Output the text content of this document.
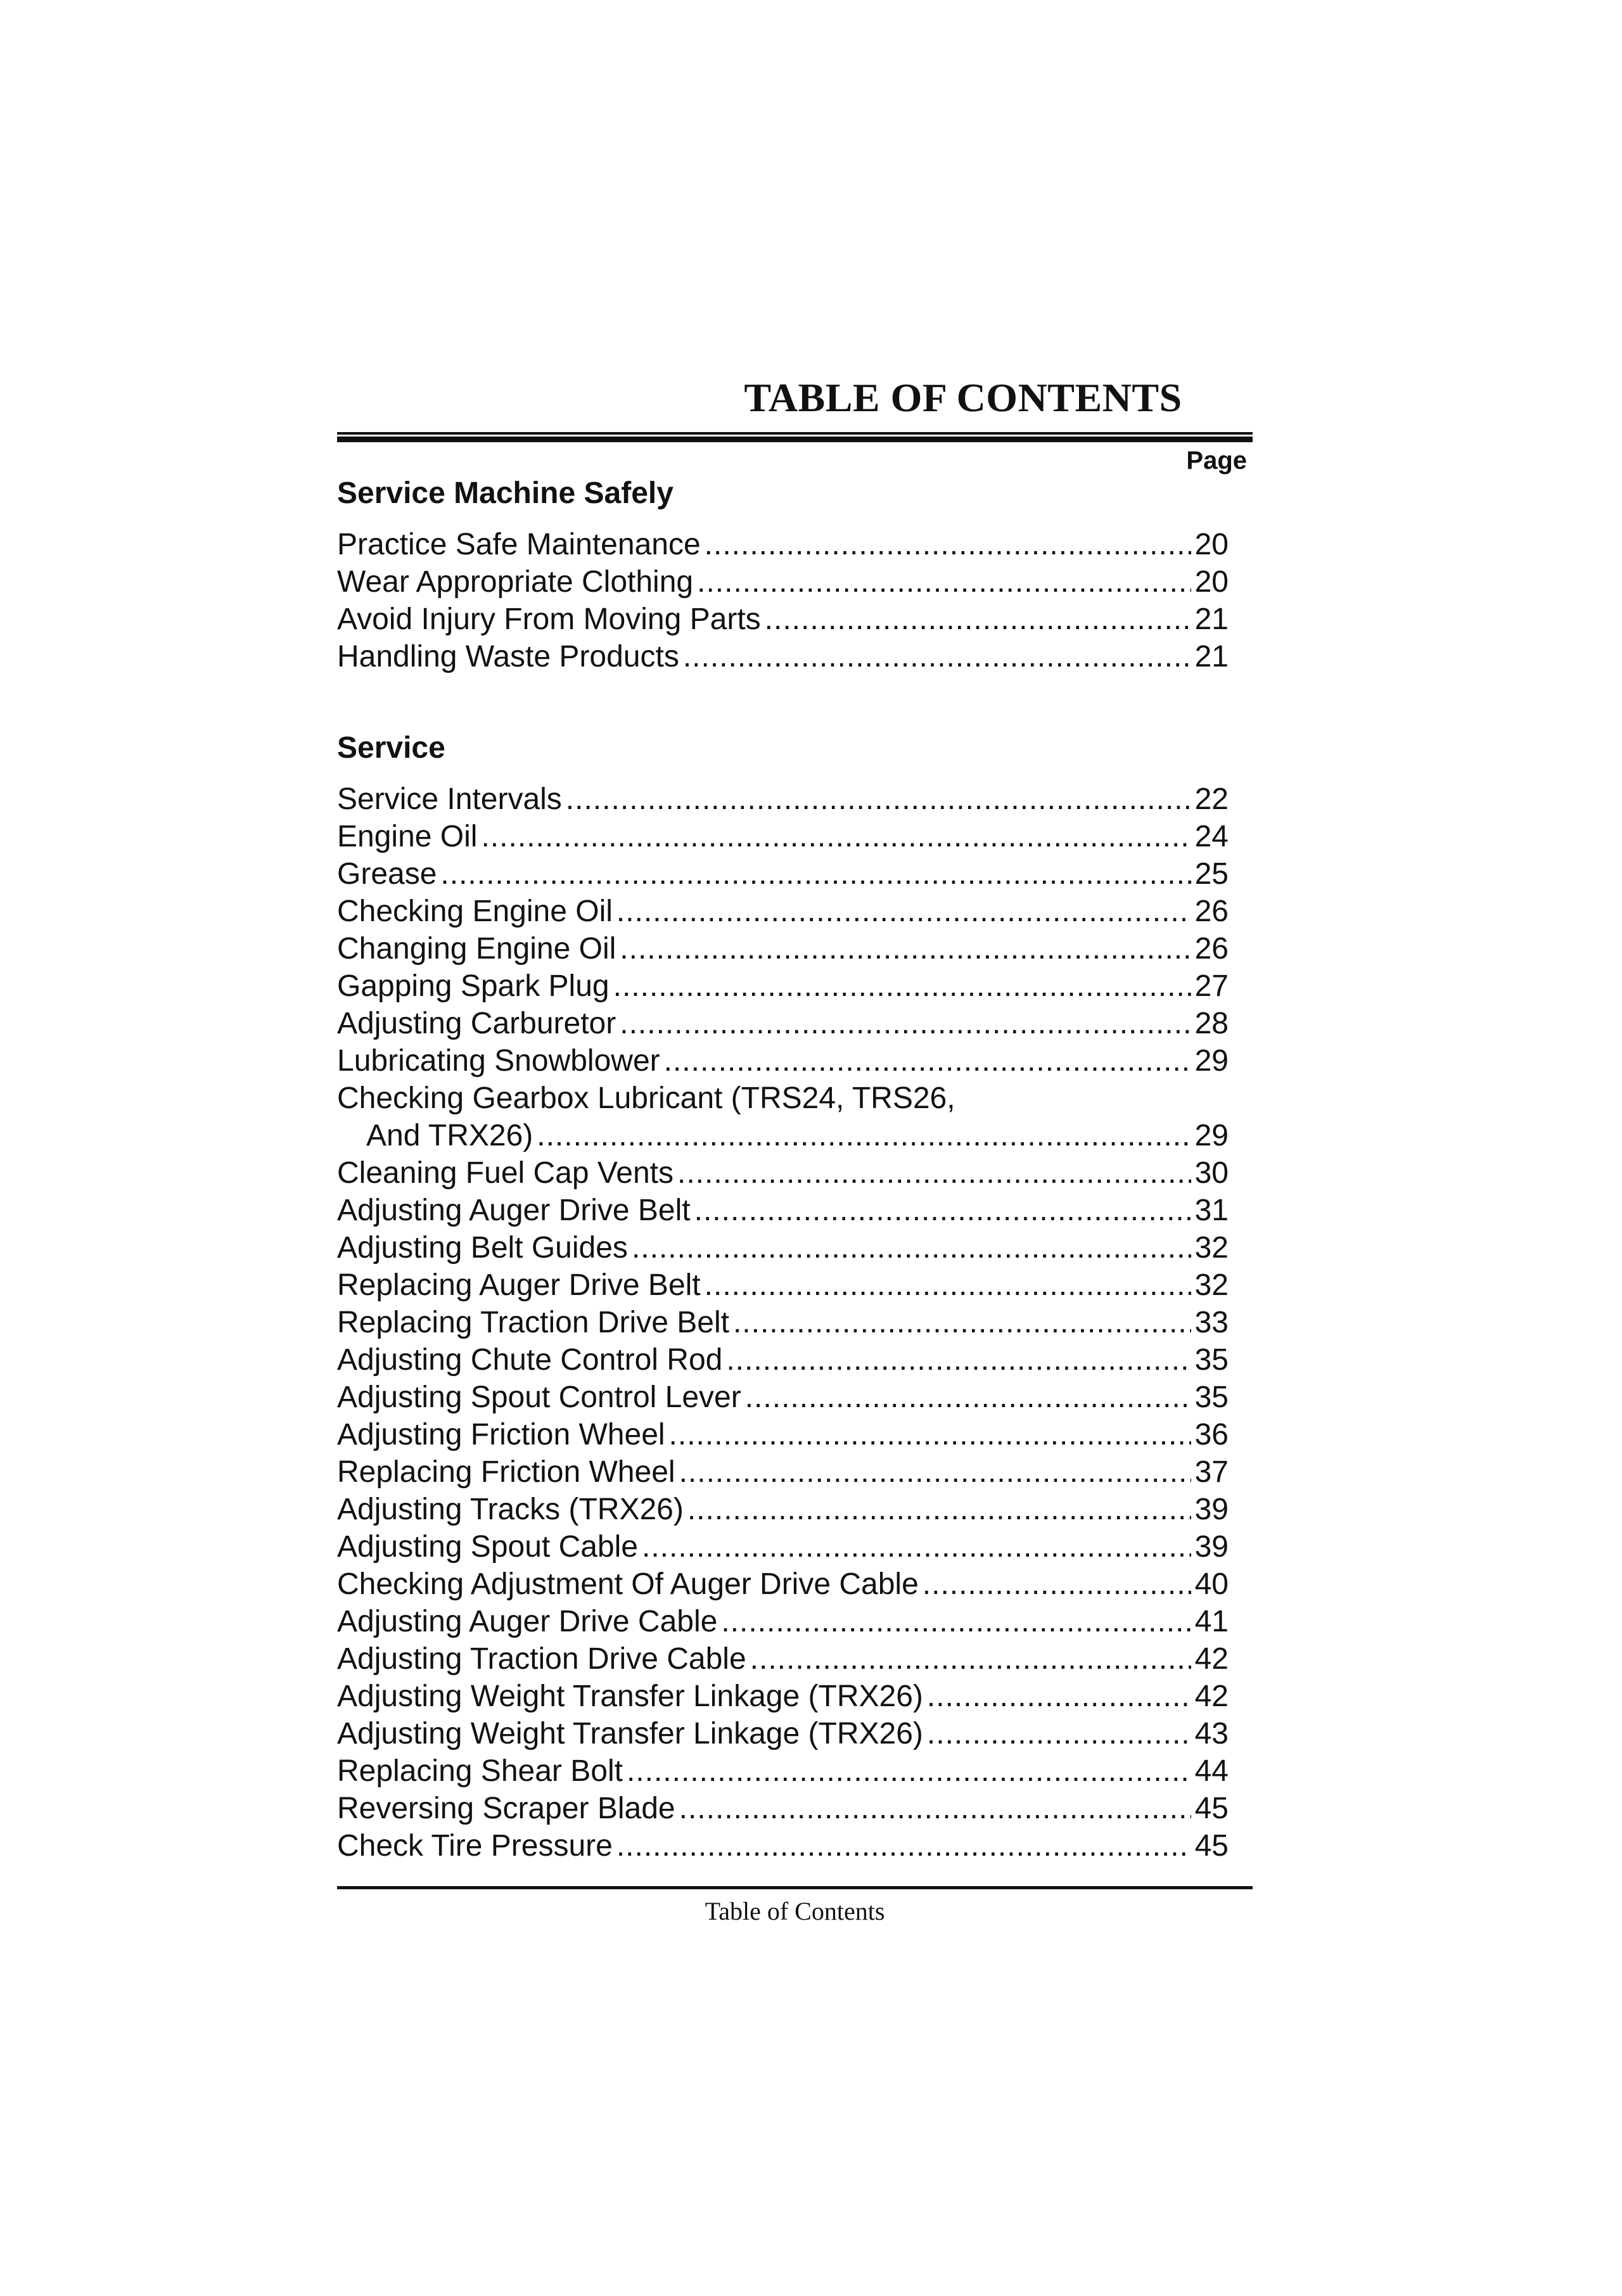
TABLE OF CONTENTS
Page
Service Machine Safely
Service
Practice Safe Maintenance .....	20
Wear Appropriate Clothing .....	20
Avoid Injury From Moving Parts .....	21
Handling Waste Products .....	21
Service Intervals .....	22
Engine Oil .....	24
Grease .....	25
Checking Engine Oil .....	26
Changing Engine Oil .....	26
Gapping Spark Plug .....	27
Adjusting Carburetor .....	28
Lubricating Snowblower .....	29
Checking Gearbox Lubricant (TRS24, TRS26,
And TRX26) .....	29
Cleaning Fuel Cap Vents .....	30
Adjusting Auger Drive Belt .....	31
Adjusting Belt Guides .....	32
Replacing Auger Drive Belt .....	32
Replacing Traction Drive Belt .....	33
Adjusting Chute Control Rod .....	35
Adjusting Spout Control Lever .....	35
Adjusting Friction Wheel .....	36
Replacing Friction Wheel .....	37
Adjusting Tracks (TRX26) .....	39
Adjusting Spout Cable .....	39
Checking Adjustment Of Auger Drive Cable .....	40
Adjusting Auger Drive Cable .....	41
Adjusting Traction Drive Cable .....	42
Adjusting Weight Transfer Linkage (TRX26) .....	42
Adjusting Weight Transfer Linkage (TRX26) .....	43
Replacing Shear Bolt .....	44
Reversing Scraper Blade .....	45
Check Tire Pressure .....	45
Table of Contents
